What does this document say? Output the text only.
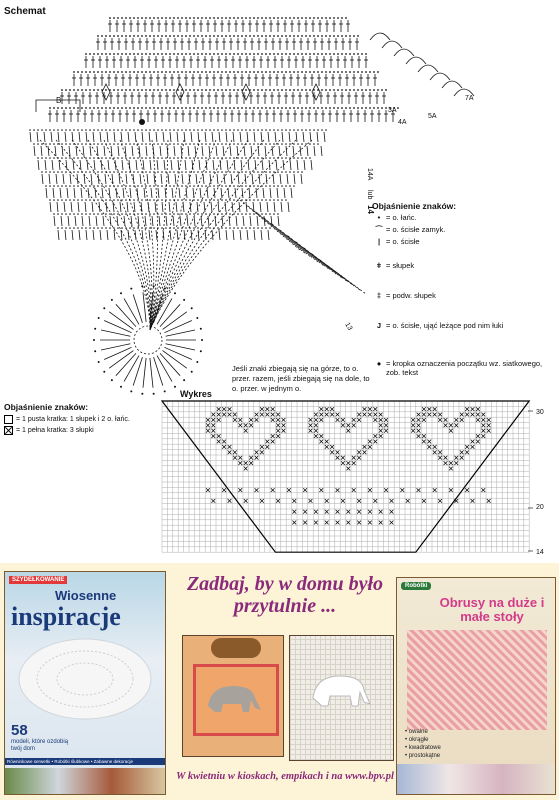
Schemat
B
14A
lub
14
3A
4A
5A
7A
13
Objaśnienie znaków:
• = o. łańc.
⌒ = o. ścisłe zamyk.
| = o. ścisłe
ǂ = słupek
‡ = podw. słupek
J = o. ścisłe, ująć leżące pod nim łuki
● = kropka oznaczenia początku wz. siatkowego, zob. tekst
Jeśli znaki zbiegają się na górze, to o. przer. razem, jeśli zbiegają się na dole, to o. przer. w jednym o.
Objaśnienie znaków:
= 1 pusta kratka: 1 słupek i 2 o. łańc.
= 1 pełna kratka: 3 słupki
Wykres
30
20
14
SZYDEŁKOWANIE
Wiosenne
inspiracje
58
modeli, które ozdobią twój dom
Równinkowe serwetki • Robótki ślubkowe • Zabawne dekoracje
Zadbaj, by w domu było przytulnie ...
Robótki
Obrusy na duże i małe stoły
• owalne
• okrągłe
• kwadratowe
• prostokątne
W kwietniu w kioskach, empikach i na www.bpv.pl
